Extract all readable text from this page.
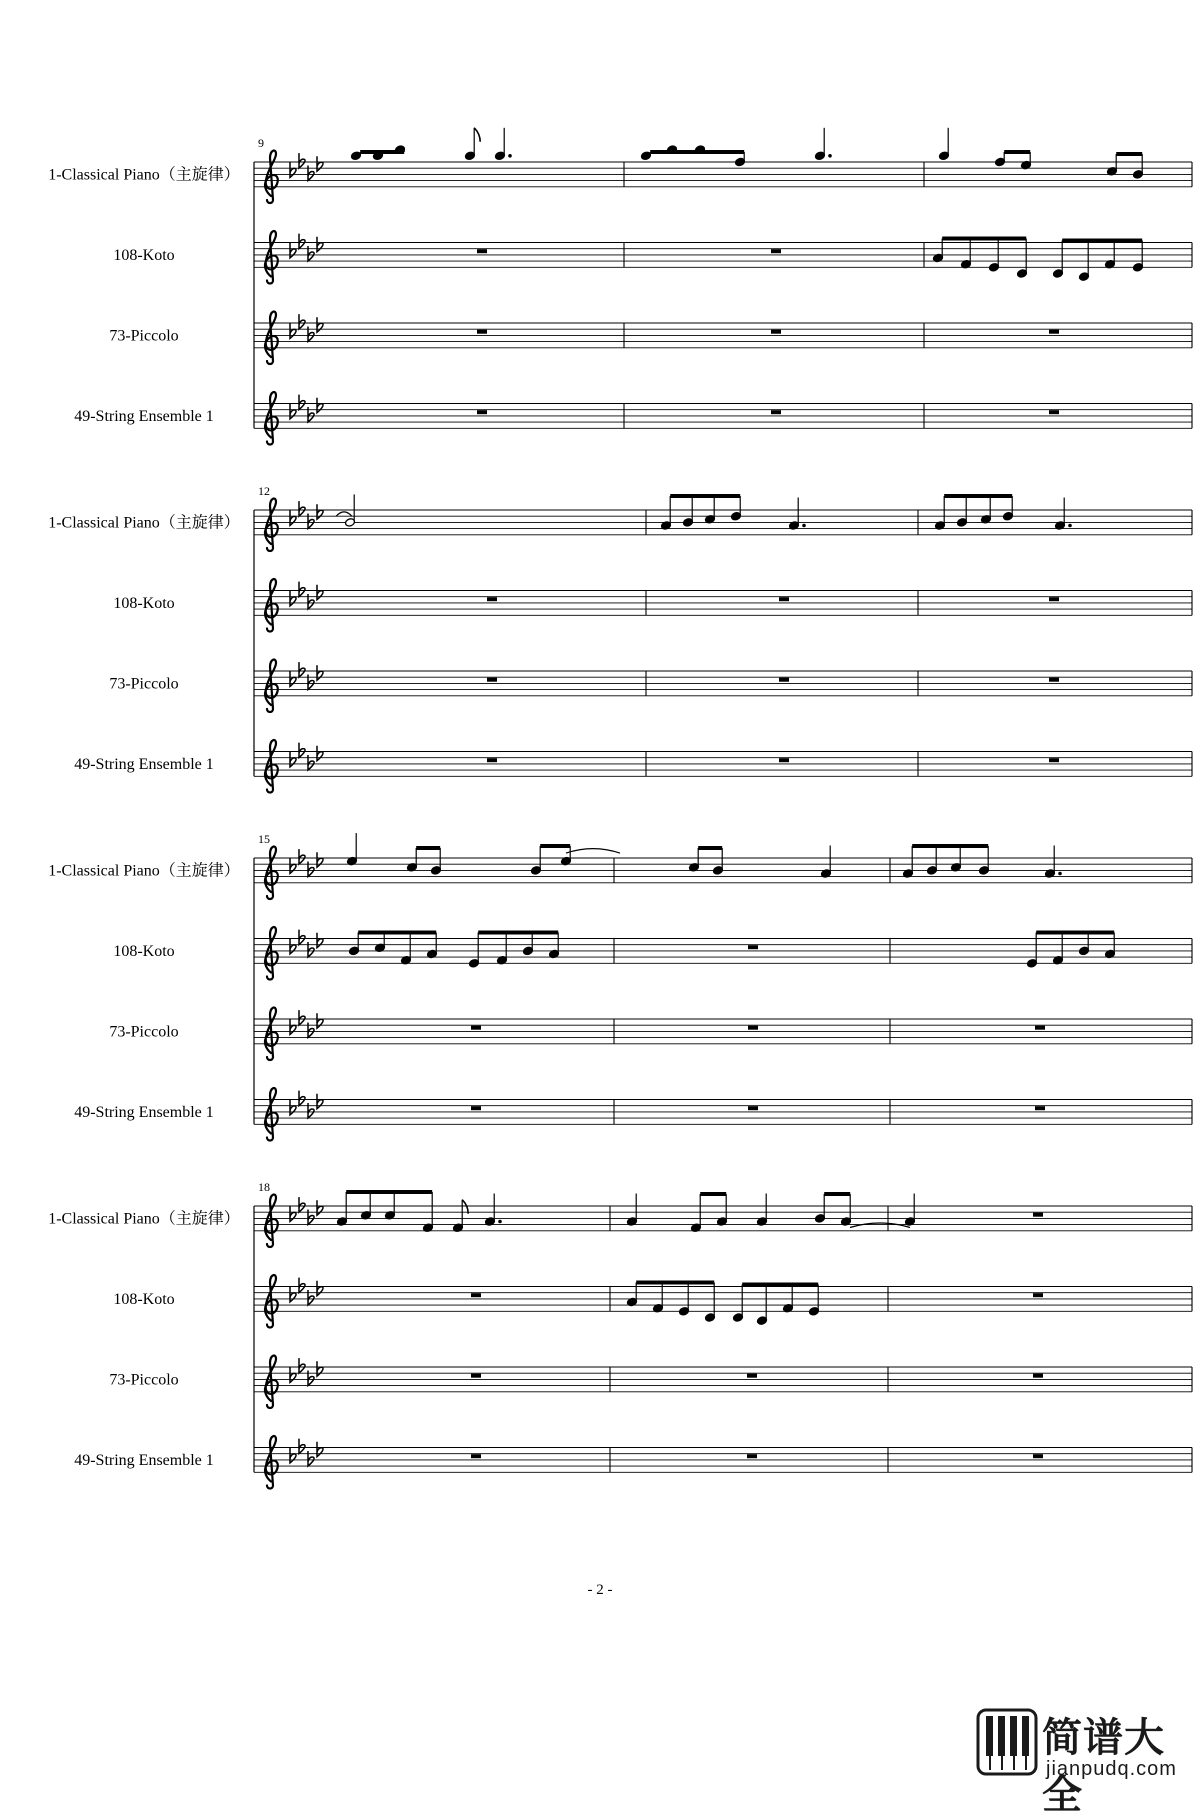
9
1-Classical Piano（主旋律）
108-Koto
73-Piccolo
49-String Ensemble 1
12
1-Classical Piano（主旋律）
108-Koto
73-Piccolo
49-String Ensemble 1
15
1-Classical Piano（主旋律）
108-Koto
73-Piccolo
49-String Ensemble 1
18
1-Classical Piano（主旋律）
108-Koto
73-Piccolo
49-String Ensemble 1
- 2 -
简谱大全
jianpudq.com
